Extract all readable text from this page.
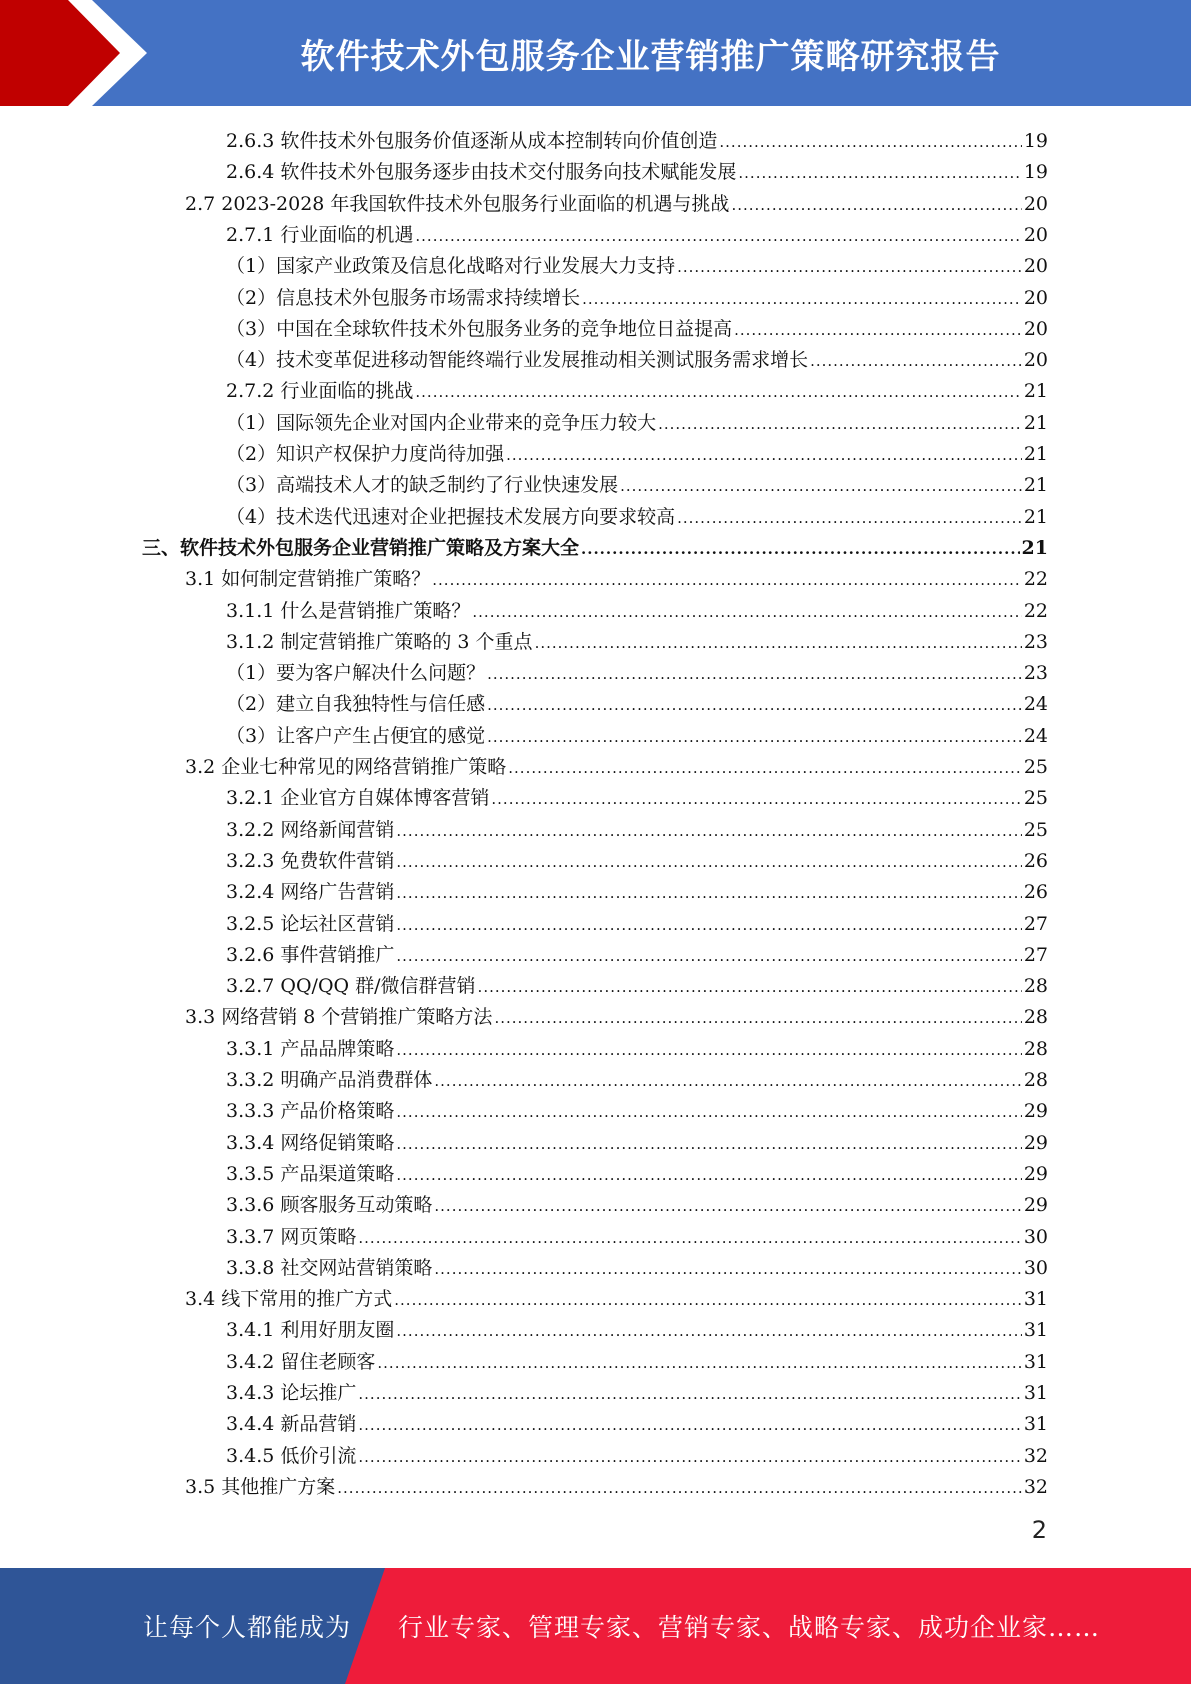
软件技术外包服务企业营销推广策略研究报告
2.6.3 软件技术外包服务价值逐渐从成本控制转向价值创造 .....	19
2.6.4 软件技术外包服务逐步由技术交付服务向技术赋能发展 .....	19
2.7 2023-2028 年我国软件技术外包服务行业面临的机遇与挑战 .....	20
2.7.1 行业面临的机遇 .....	20
（1）国家产业政策及信息化战略对行业发展大力支持 .....	20
（2）信息技术外包服务市场需求持续增长 .....	20
（3）中国在全球软件技术外包服务业务的竞争地位日益提高 .....	20
（4）技术变革促进移动智能终端行业发展推动相关测试服务需求增长 .....	20
2.7.2 行业面临的挑战 .....	21
（1）国际领先企业对国内企业带来的竞争压力较大 .....	21
（2）知识产权保护力度尚待加强 .....	21
（3）高端技术人才的缺乏制约了行业快速发展 .....	21
（4）技术迭代迅速对企业把握技术发展方向要求较高 .....	21
三、软件技术外包服务企业营销推广策略及方案大全 .....	21
3.1 如何制定营销推广策略？ .....	22
3.1.1 什么是营销推广策略？ .....	22
3.1.2 制定营销推广策略的 3 个重点 .....	23
（1）要为客户解决什么问题？ .....	23
（2）建立自我独特性与信任感 .....	24
（3）让客户产生占便宜的感觉 .....	24
3.2 企业七种常见的网络营销推广策略 .....	25
3.2.1 企业官方自媒体博客营销 .....	25
3.2.2 网络新闻营销 .....	25
3.2.3 免费软件营销 .....	26
3.2.4 网络广告营销 .....	26
3.2.5 论坛社区营销 .....	27
3.2.6 事件营销推广 .....	27
3.2.7 QQ/QQ 群/微信群营销 .....	28
3.3 网络营销 8 个营销推广策略方法 .....	28
3.3.1 产品品牌策略 .....	28
3.3.2 明确产品消费群体 .....	28
3.3.3 产品价格策略 .....	29
3.3.4 网络促销策略 .....	29
3.3.5 产品渠道策略 .....	29
3.3.6 顾客服务互动策略 .....	29
3.3.7 网页策略 .....	30
3.3.8 社交网站营销策略 .....	30
3.4 线下常用的推广方式 .....	31
3.4.1 利用好朋友圈 .....	31
3.4.2 留住老顾客 .....	31
3.4.3 论坛推广 .....	31
3.4.4 新品营销 .....	31
3.4.5 低价引流 .....	32
3.5 其他推广方案 .....	32
2
让每个人都能成为 行业专家、管理专家、营销专家、战略专家、成功企业家……
